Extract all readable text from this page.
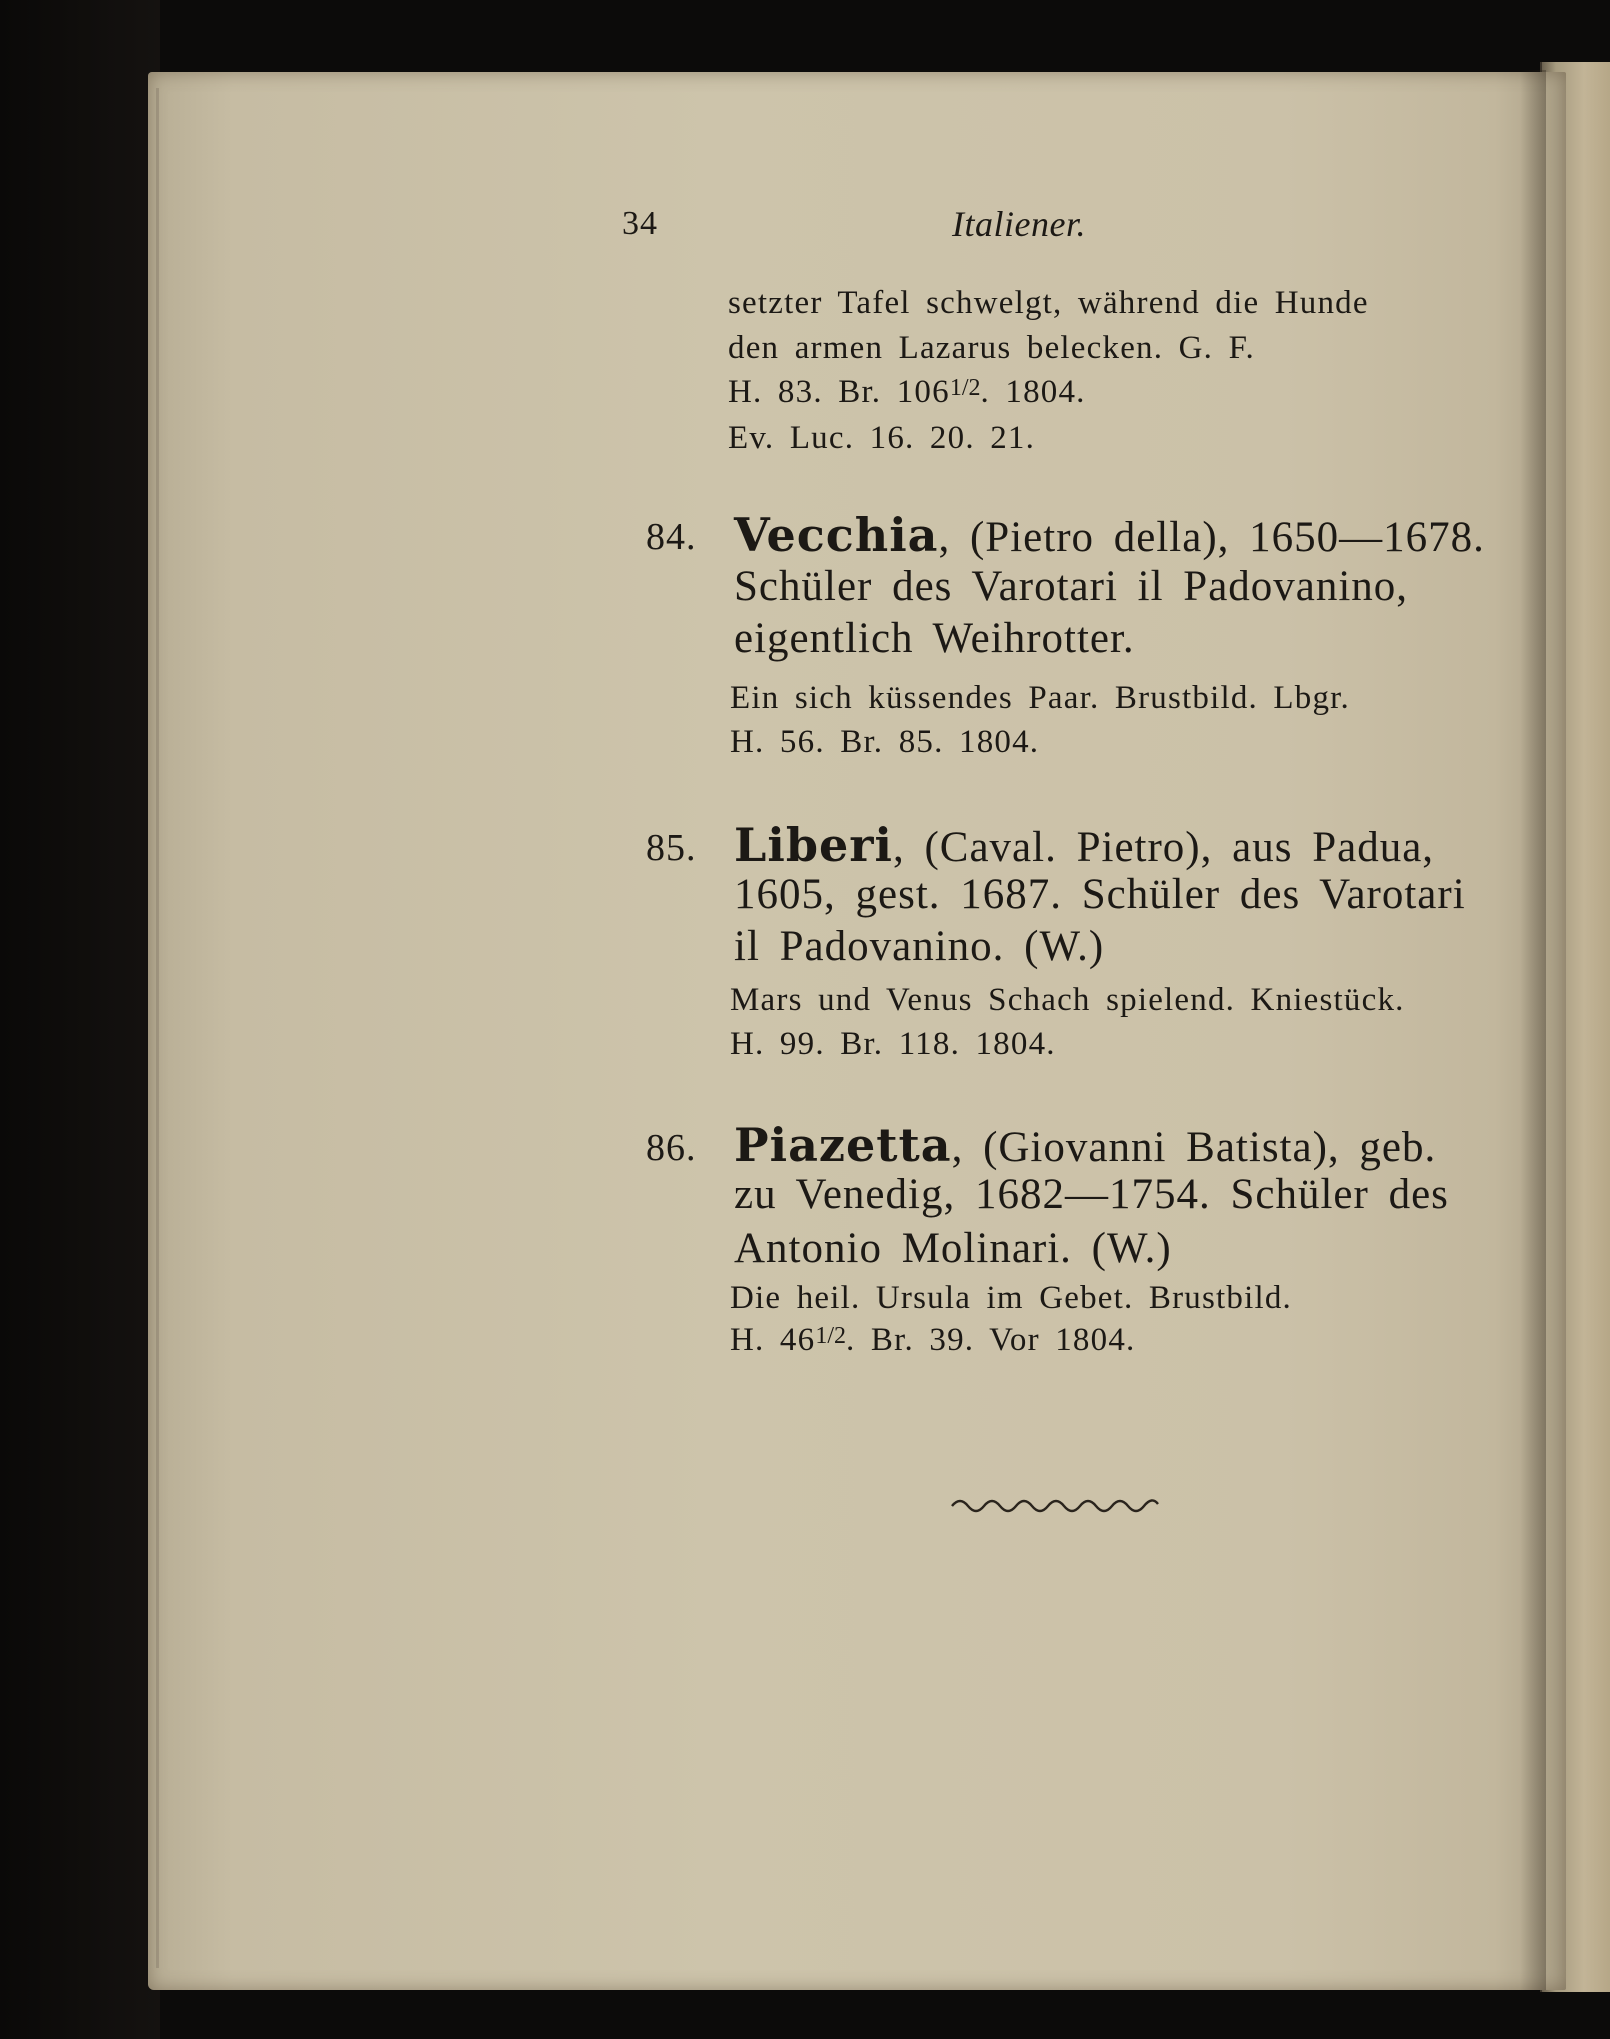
34	Italiener.
setzter Tafel schwelgt, während die Hunde
den armen Lazarus belecken. G. F.
H. 83. Br. $106^{1/2}$. 1804.
Ev. Luc. 16. 20. 21.
84. Vecchia, (Pietro della), 1650—1678.
Schüler des Varotari il Padovanino,
eigentlich Weihrotter.
Ein sich küssendes Paar. Brustbild. Lbgr.
H. 56. Br. 85. 1804.
85. Liberi, (Caval. Pietro), aus Padua,
1605, gest. 1687. Schüler des Varotari
il Padovanino. (W.)
Mars und Venus Schach spielend. Kniestück.
H. 99. Br. 118. 1804.
86. Piazetta, (Giovanni Batista), geb.
zu Venedig, 1682—1754. Schüler des
Antonio Molinari. (W.)
Die heil. Ursula im Gebet. Brustbild.
H. $46^{1/2}$. Br. 39. Vor 1804.
